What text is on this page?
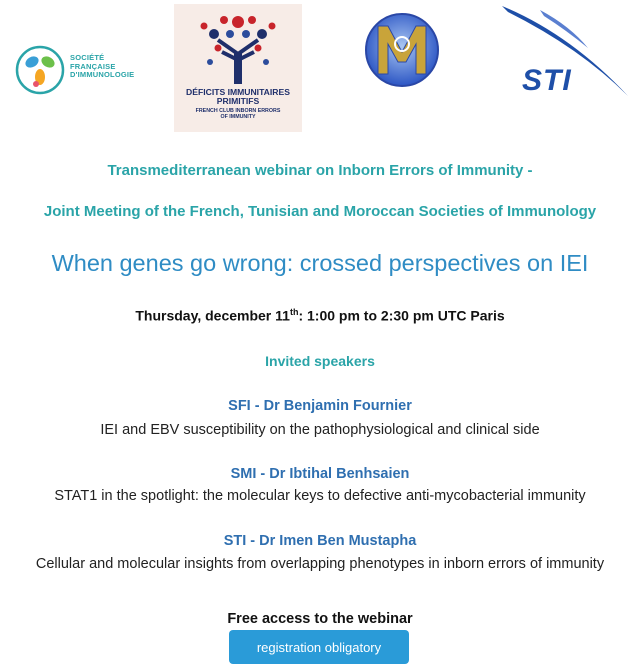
SOCIÉTÉ
FRANÇAISE
D'IMMUNOLOGIE
DÉFICITS IMMUNITAIRES
PRIMITIFS
FRENCH CLUB INBORN ERRORS
OF IMMUNITY
STI
Transmediterranean webinar on Inborn Errors of Immunity -
Joint Meeting of the French, Tunisian and Moroccan Societies of Immunology
When genes go wrong: crossed perspectives on IEI
Thursday, december 11th: 1:00 pm to 2:30 pm UTC Paris
Invited speakers
SFI - Dr Benjamin Fournier
IEI and EBV susceptibility on the pathophysiological and clinical side
SMI - Dr Ibtihal Benhsaien
STAT1 in the spotlight: the molecular keys to defective anti-mycobacterial immunity
STI - Dr Imen Ben Mustapha
Cellular and molecular insights from overlapping phenotypes in inborn errors of immunity
Free access to the webinar
registration obligatory
